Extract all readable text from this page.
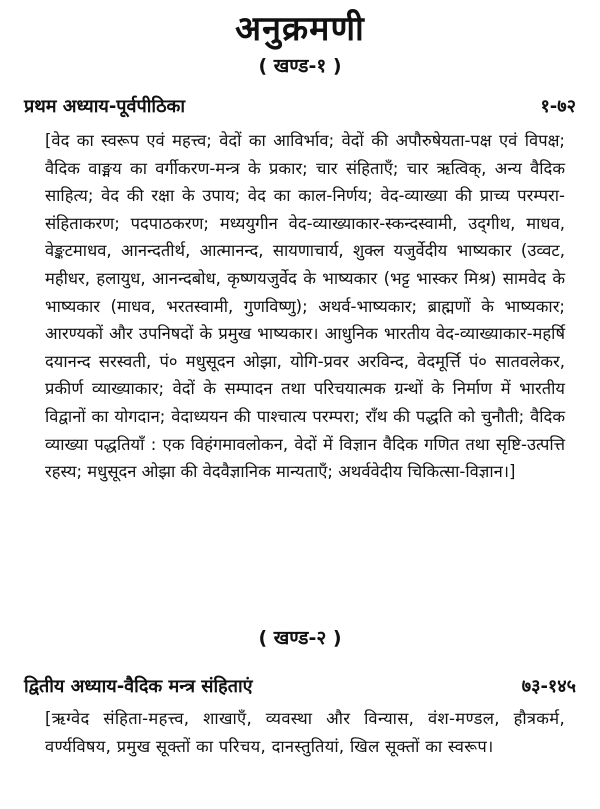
अनुक्रमणी
( खण्ड-१ )
प्रथम अध्याय-पूर्वपीठिका	१-७२
[वेद का स्वरूप एवं महत्त्व; वेदों का आविर्भाव; वेदों की अपौरुषेयता-पक्ष एवं विपक्ष; वैदिक वाङ्मय का वर्गीकरण-मन्त्र के प्रकार; चार संहिताएँ; चार ऋत्विक्, अन्य वैदिक साहित्य; वेद की रक्षा के उपाय; वेद का काल-निर्णय; वेद-व्याख्या की प्राच्य परम्परा-संहिताकरण; पदपाठकरण; मध्ययुगीन वेद-व्याख्याकार-स्कन्दस्वामी, उद्‌गीथ, माधव, वेङ्कटमाधव, आनन्दतीर्थ, आत्मानन्द, सायणाचार्य, शुक्ल यजुर्वेदीय भाष्यकार (उव्वट, महीधर, हलायुध, आनन्दबोध, कृष्णयजुर्वेद के भाष्यकार (भट्ट भास्कर मिश्र) सामवेद के भाष्यकार (माधव, भरतस्वामी, गुणविष्णु); अथर्व-भाष्यकार; ब्राह्मणों के भाष्यकार; आरण्यकों और उपनिषदों के प्रमुख भाष्यकार। आधुनिक भारतीय वेद-व्याख्याकार-महर्षि दयानन्द सरस्वती, पं० मधुसूदन ओझा, योगि-प्रवर अरविन्द, वेदमूर्त्ति पं० सातवलेकर, प्रकीर्ण व्याख्याकार; वेदों के सम्पादन तथा परिचयात्मक ग्रन्थों के निर्माण में भारतीय विद्वानों का योगदान; वेदाध्ययन की पाश्चात्य परम्परा; राँथ की पद्धति को चुनौती; वैदिक व्याख्या पद्धतियाँ : एक विहंगमावलोकन, वेदों में विज्ञान वैदिक गणित तथा सृष्टि-उत्पत्ति रहस्य; मधुसूदन ओझा की वेदवैज्ञानिक मान्यताएँ; अथर्ववेदीय चिकित्सा-विज्ञान।]
( खण्ड-२ )
द्वितीय अध्याय-वैदिक मन्त्र संहिताएं	७३-१४५
[ऋग्वेद संहिता-महत्त्व, शाखाएँ, व्यवस्था और विन्यास, वंश-मण्डल, हौत्रकर्म, वर्ण्यविषय, प्रमुख सूक्तों का परिचय, दानस्तुतियां, खिल सूक्तों का स्वरूप।
